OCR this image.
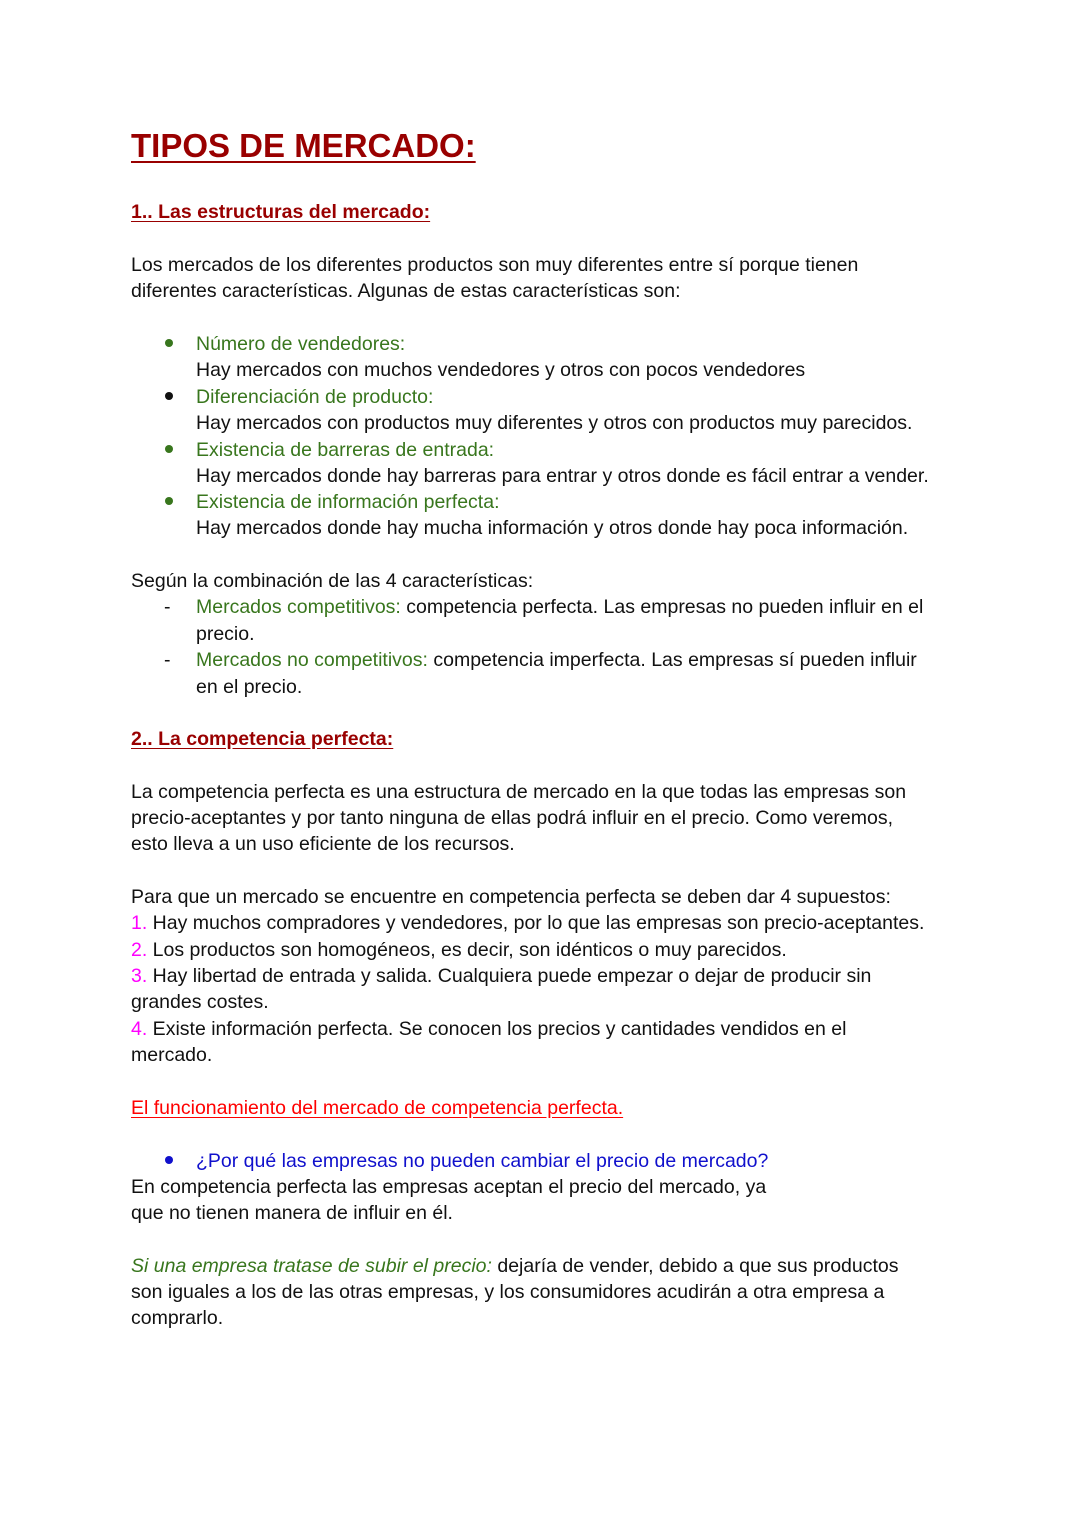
TIPOS DE MERCADO:
1.. Las estructuras del mercado:
Los mercados de los diferentes productos son muy diferentes entre sí porque tienen
diferentes características. Algunas de estas características son:
Número de vendedores:
Hay mercados con muchos vendedores y otros con pocos vendedores
Diferenciación de producto:
Hay mercados con productos muy diferentes y otros con productos muy parecidos.
Existencia de barreras de entrada:
Hay mercados donde hay barreras para entrar y otros donde es fácil entrar a vender.
Existencia de información perfecta:
Hay mercados donde hay mucha información y otros donde hay poca información.
Según la combinación de las 4 características:
- Mercados competitivos: competencia perfecta. Las empresas no pueden influir en el
precio.
- Mercados no competitivos: competencia imperfecta. Las empresas sí pueden influir
en el precio.
2.. La competencia perfecta:
La competencia perfecta es una estructura de mercado en la que todas las empresas son
precio-aceptantes y por tanto ninguna de ellas podrá influir en el precio. Como veremos,
esto lleva a un uso eficiente de los recursos.
Para que un mercado se encuentre en competencia perfecta se deben dar 4 supuestos:
1. Hay muchos compradores y vendedores, por lo que las empresas son precio-aceptantes.
2. Los productos son homogéneos, es decir, son idénticos o muy parecidos.
3. Hay libertad de entrada y salida. Cualquiera puede empezar o dejar de producir sin
grandes costes.
4. Existe información perfecta. Se conocen los precios y cantidades vendidos en el
mercado.
El funcionamiento del mercado de competencia perfecta.
¿Por qué las empresas no pueden cambiar el precio de mercado?
En competencia perfecta las empresas aceptan el precio del mercado, ya
que no tienen manera de influir en él.
Si una empresa tratase de subir el precio: dejaría de vender, debido a que sus productos
son iguales a los de las otras empresas, y los consumidores acudirán a otra empresa a
comprarlo.
